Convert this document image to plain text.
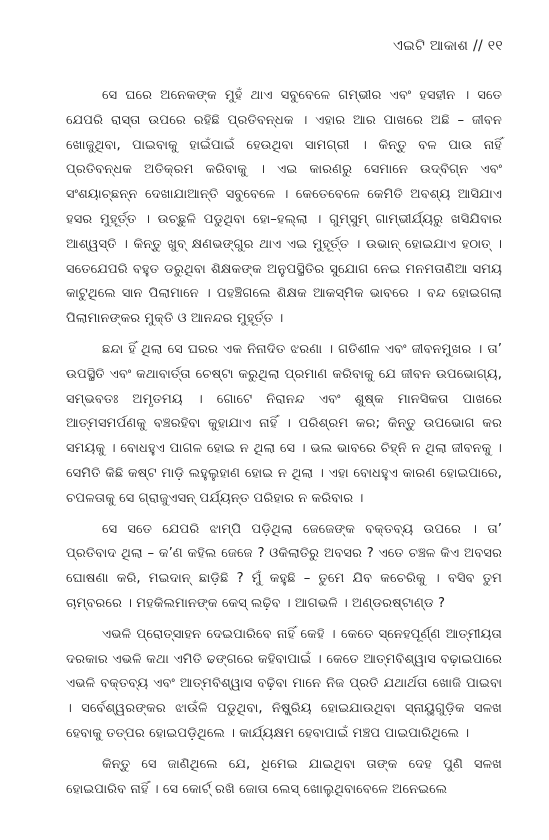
ଏଇଟି ଆକାଶ // ୧୧

ସେ ଘରେ ଅନେକଙ୍କ ମୁହଁ ଥାଏ ସବୁବେଳେ ଗମ୍ଭୀର ଏବଂ ହସହୀନ । ସତେ ଯେପରି ରାସ୍ତା ଉପରେ ରହିଛି ପ୍ରତିବନ୍ଧକ । ଏହାର ଆର ପାଖରେ ଅଛି – ଜୀବନ ଖୋଜୁଥିବା, ପାଇବାକୁ ହାଇଁପାଇଁ ହେଉଥିବା ସାମଗ୍ରୀ । କିନ୍ତୁ ବଳ ପାଉ ନାହିଁ ପ୍ରତିବନ୍ଧକ ଅତିକ୍ରମ କରିବାକୁ । ଏଇ କାରଣରୁ ସେମାନେ ଉଦ୍‌ବିଗ୍ନ ଏବଂ ସଂଶୟାଚ୍ଛନ୍ନ ଦେଖାଯାଆନ୍ତି ସବୁବେଳେ । କେତେବେଳେ କେମିତି ଅବଶ୍ୟ ଆସିଯାଏ ହସର ମୁହୂର୍ତ୍ତ । ଉଚ୍ଛୁଳି ପଡୁଥିବା ହୋ–ହଲ୍ଲା । ଗୁମ୍‌ସୁମ୍ ଗାମ୍ଭୀର୍ଯ୍ୟରୁ ଖସିଯିବାର ଆଶ୍ୱସ୍ତି । କିନ୍ତୁ ଖୁବ୍ କ୍ଷଣଭଙ୍ଗୁର ଥାଏ ଏଇ ମୁହୂର୍ତ୍ତ । ଉଭାନ୍ ହୋଇଯାଏ ହଠାତ୍ । ସତେଯେପରି ବହୁତ ଡରୁଥିବା ଶିକ୍ଷକଙ୍କ ଅନୁପସ୍ଥିତିର ସୁଯୋଗ ନେଇ ମନମତାଣିଆ ସମୟ କାଟୁଥିଲେ ସାନ ପିଲାମାନେ । ପହଞ୍ଚିଗଲେ ଶିକ୍ଷକ ଆକସ୍ମିକ ଭାବରେ । ବନ୍ଦ ହୋଇଗଲା ପିଲାମାନଙ୍କର ମୁକ୍ତି ଓ ଆନନ୍ଦର ମୁହୂର୍ତ୍ତ ।

ଛନ୍ଦା ହିଁ ଥିଲା ସେ ଘରର ଏକ ନିନାଦିତ ଝରଣା । ଗତିଶୀଳ ଏବଂ ଜୀବନମୁଖର । ତା’ ଉପସ୍ଥିତି ଏବଂ କଥାବାର୍ତ୍ତା ଚେଷ୍ଟା କରୁଥିଲା ପ୍ରମାଣ କରିବାକୁ ଯେ ଜୀବନ ଉପଭୋଗ୍ୟ, ସମ୍ଭବତଃ ଅମୃତମୟ । ଗୋଟେ ନିରାନନ୍ଦ ଏବଂ ଶୁଷ୍କ ମାନସିକତା ପାଖରେ ଆତ୍ମସମର୍ପଣକୁ ବଞ୍ଚରହିବା କୁହାଯାଏ ନାହିଁ । ପରିଶ୍ରମ କର; କିନ୍ତୁ ଉପଭୋଗ କର ସମୟକୁ । ବୋଧହୁଏ ପାଗଳ ହୋଇ ନ ଥିଲା ସେ । ଭଲ ଭାବରେ ଚିହ୍ନି ନ ଥିଲା ଜୀବନକୁ । ସେମିତି କିଛି କଷ୍ଟ ମାଡ଼ି ଲହୁଲୁହାଣ ହୋଇ ନ ଥିଲା । ଏହା ବୋଧହୁଏ କାରଣ ହୋଇପାରେ, ଚପଳତାକୁ ସେ ଗ୍ରାଜୁଏସନ୍ ପର୍ଯ୍ୟନ୍ତ ପରିହାର ନ କରିବାର ।

ସେ ସତେ ଯେପରି ଝାମ୍ପି ପଡ଼ିଥିଲା ଜେଜେଙ୍କ ବକ୍ତବ୍ୟ ଉପରେ । ତା’ ପ୍ରତିବାଦ ଥିଲା – କ’ଣ କହିଲ ଜେଜେ ? ଓକିଲାତିରୁ ଅବସର ? ଏତେ ଚଞ୍ଚଳ କିଏ ଅବସର ଘୋଷଣା କରି, ମଇଦାନ୍ ଛାଡ଼ିଛି ? ମୁଁ କହୁଛି – ତୁମେ ଯିବ କଚେରିକୁ । ବସିବ ତୁମ ଚାମ୍ବରରେ । ମହକିଲମାନଙ୍କ କେସ୍ ଲଢ଼ିବ । ଆଗଭଳି । ଅଣ୍ଡରଷ୍ଟାଣ୍ଡ ?

ଏଭଳି ପ୍ରୋତ୍ସାହନ ଦେଇପାରିବେ ନାହିଁ କେହି । କେତେ ସ୍ନେହପୂର୍ଣ୍ଣ ଆତ୍ମୀୟତା ଦରକାର ଏଭଳି କଥା ଏମିତି ଢଙ୍ଗରେ କହିବାପାଇଁ । କେତେ ଆତ୍ମବିଶ୍ୱାସ ବଢ଼ାଇପାରେ ଏଭଳି ବକ୍ତବ୍ୟ ଏବଂ ଆତ୍ମବିଶ୍ୱାସ ବଢ଼ିବା ମାନେ ନିଜ ପ୍ରତି ଯଥାର୍ଥତା ଖୋଜି ପାଇବା । ସର୍ବେଶ୍ୱରଙ୍କର ଝାଉଁଳି ପଡୁଥିବା, ନିଷ୍କ୍ରିୟ ହୋଇଯାଉଥିବା ସ୍ନାୟୁଗୁଡ଼ିକ ସଳଖ ହେବାକୁ ତତ୍ପର ହୋଇପଡ଼ିଥିଲେ । କାର୍ଯ୍ୟକ୍ଷମ ହେବାପାଇଁ ମଞ୍ଚପ ପାଇପାରିଥିଲେ ।

କିନ୍ତୁ ସେ ଜାଣିଥିଲେ ଯେ, ଧିମେଇ ଯାଇଥିବା ତାଙ୍କ ଦେହ ପୁଣି ସଳଖ ହୋଇପାରିବ ନାହିଁ । ସେ କୋର୍ଟ୍ ରଖି ଜୋତା ଲେସ୍ ଖୋଲୁଥିବାବେଳେ ଅନେଇଲେ
